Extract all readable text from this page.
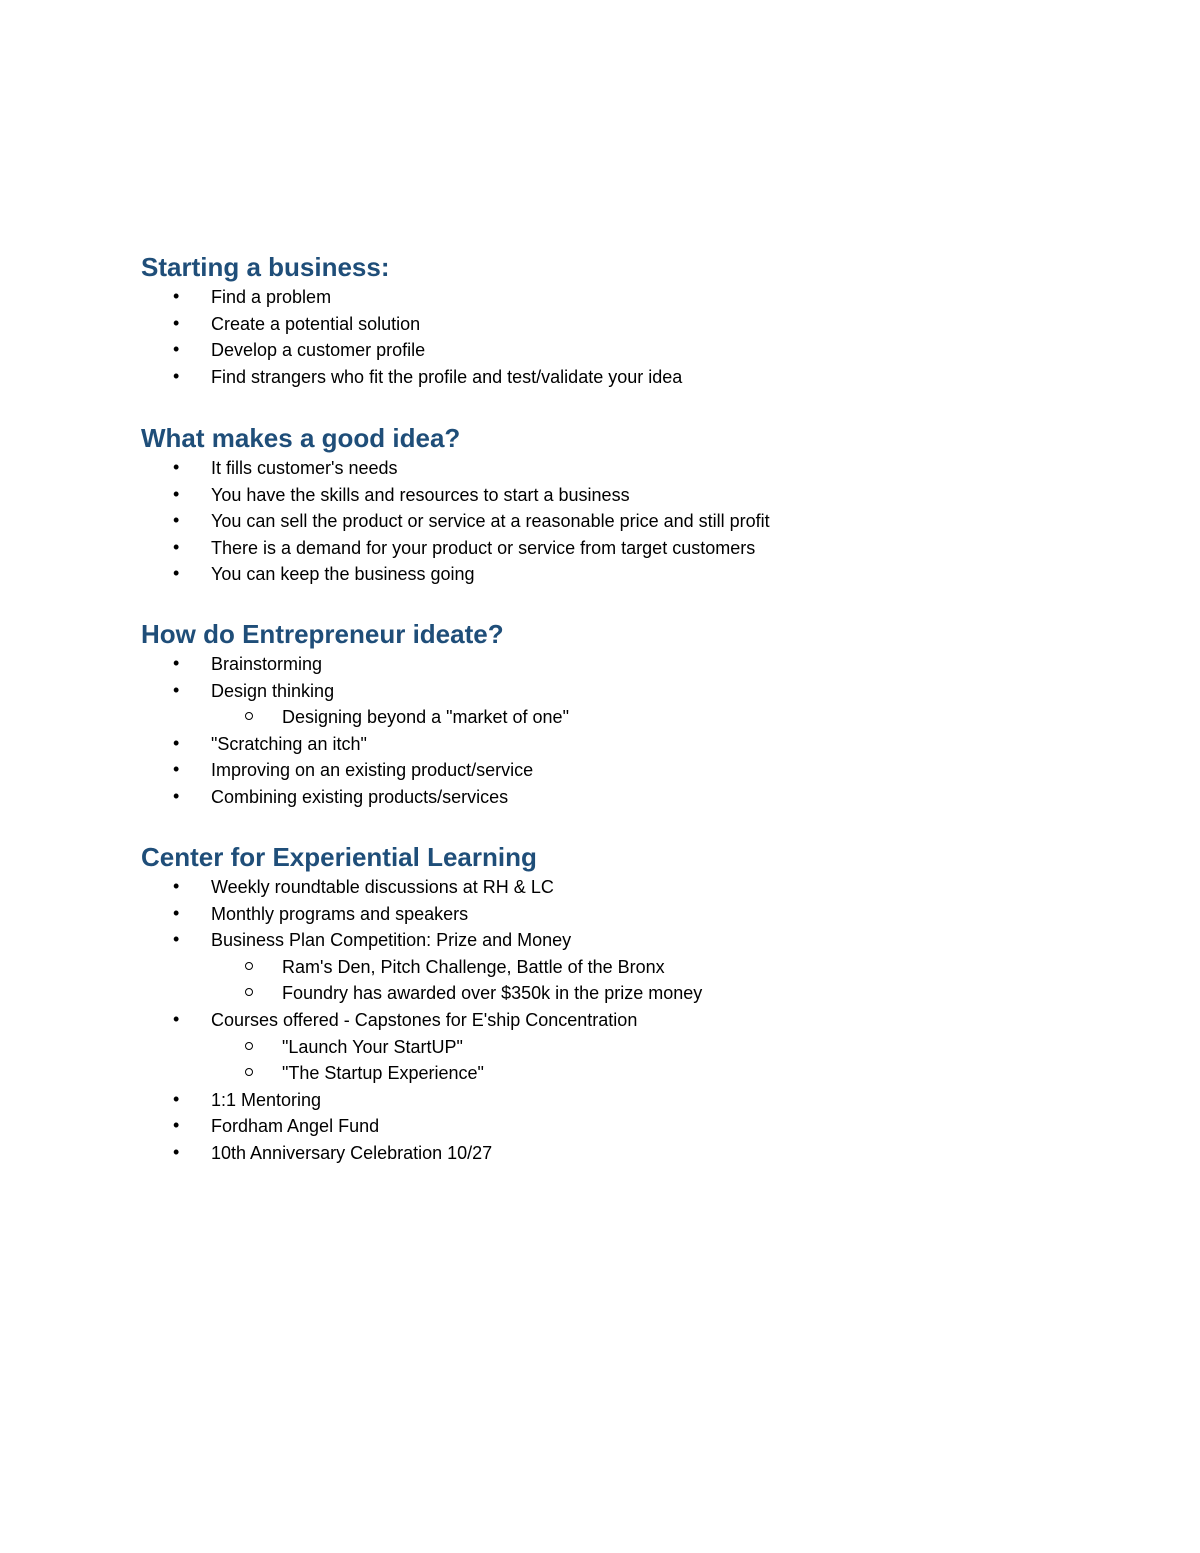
Starting a business:
• Find a problem
• Create a potential solution
• Develop a customer profile
• Find strangers who fit the profile and test/validate your idea
What makes a good idea?
• It fills customer's needs
• You have the skills and resources to start a business
• You can sell the product or service at a reasonable price and still profit
• There is a demand for your product or service from target customers
• You can keep the business going
How do Entrepreneur ideate?
• Brainstorming
• Design thinking
Designing beyond a "market of one"
• "Scratching an itch"
• Improving on an existing product/service
• Combining existing products/services
Center for Experiential Learning
• Weekly roundtable discussions at RH & LC
• Monthly programs and speakers
• Business Plan Competition: Prize and Money
Ram's Den, Pitch Challenge, Battle of the Bronx
Foundry has awarded over $350k in the prize money
• Courses offered - Capstones for E'ship Concentration
"Launch Your StartUP"
"The Startup Experience"
• 1:1 Mentoring
• Fordham Angel Fund
• 10th Anniversary Celebration 10/27
